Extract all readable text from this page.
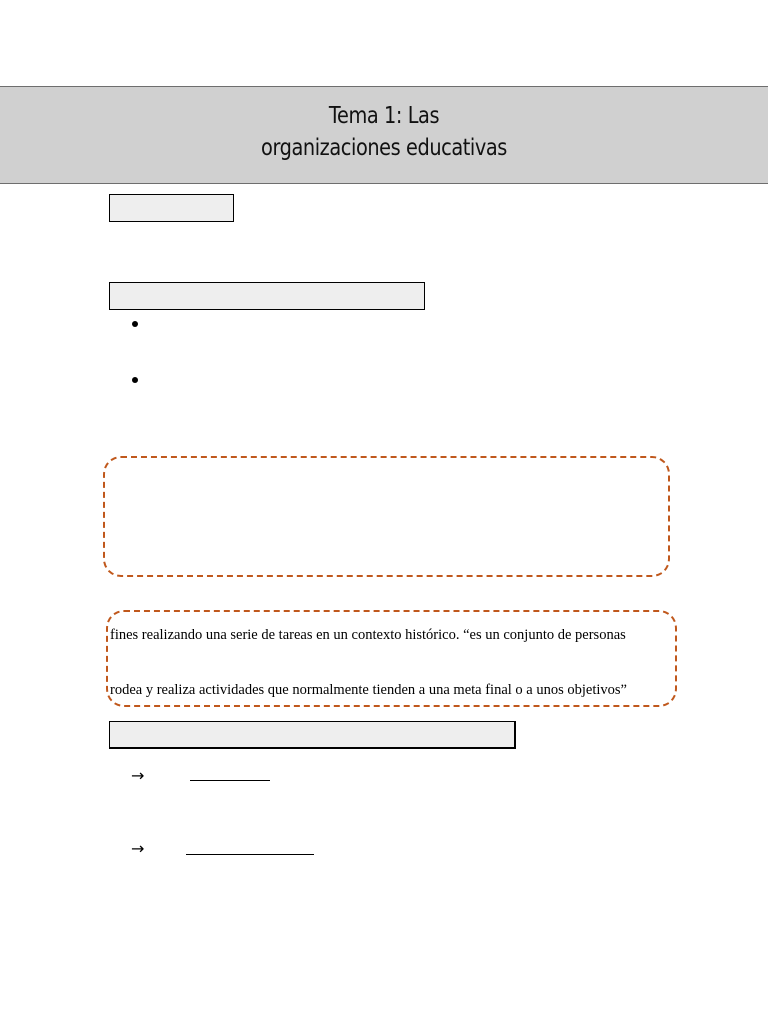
Tema 1: Las
organizaciones educativas
fines realizando una serie de tareas en un contexto histórico. “es un conjunto de personas
rodea y realiza actividades que normalmente tienden a una meta final o a unos objetivos”
→
→
